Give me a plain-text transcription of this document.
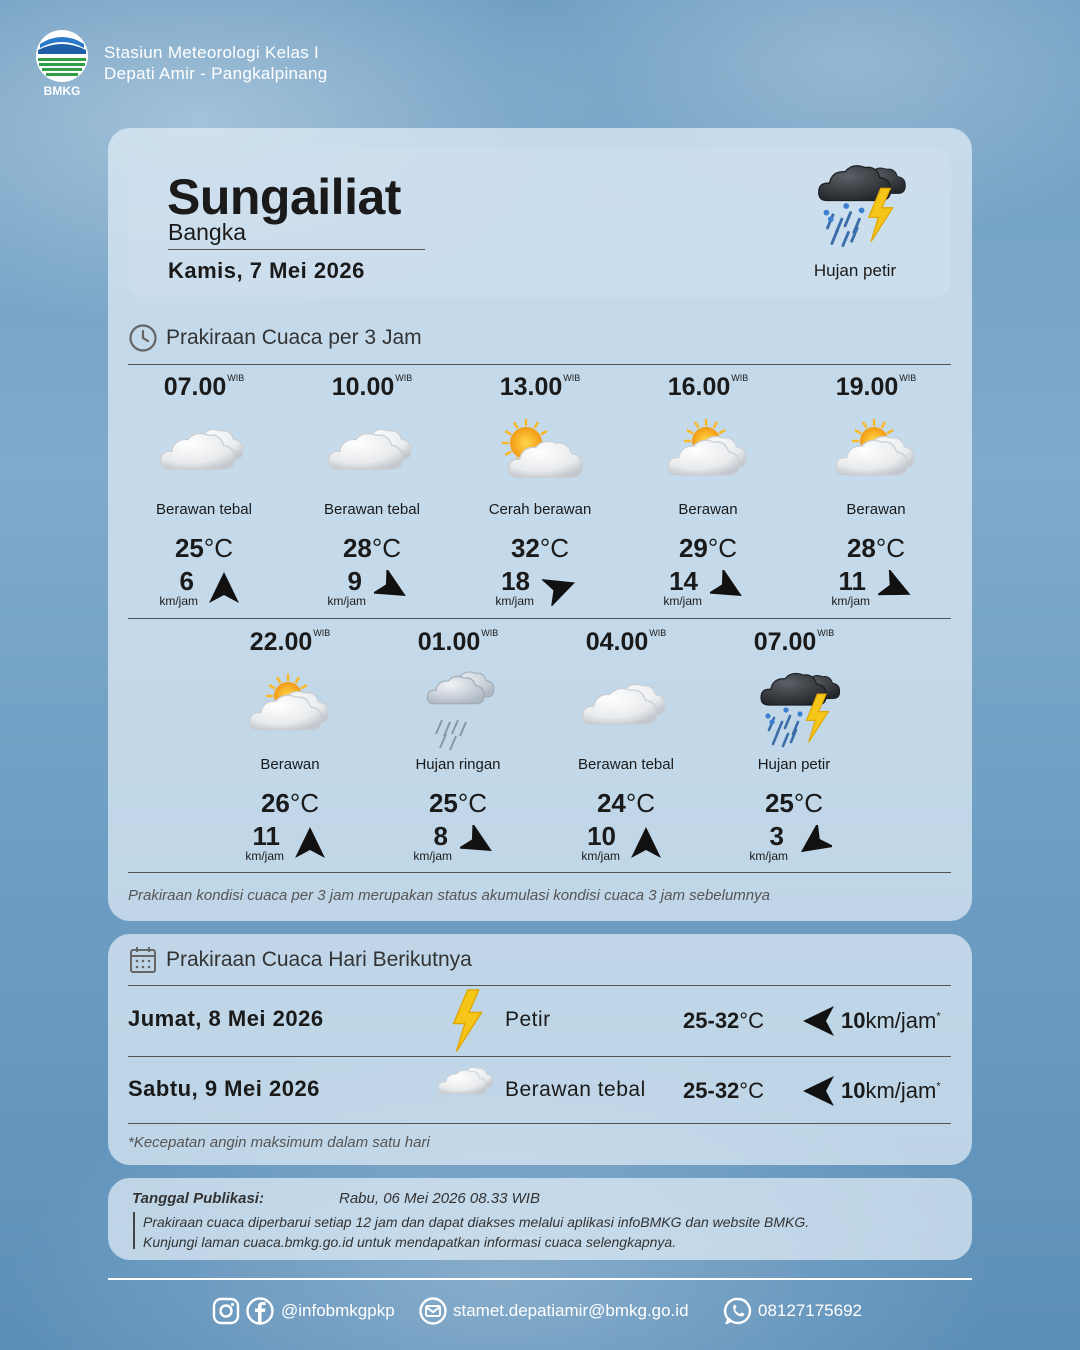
BMKG
Stasiun Meteorologi Kelas I
Depati Amir - Pangkalpinang
Sungailiat
Bangka
Kamis, 7 Mei 2026	Hujan petir
Prakiraan Cuaca per 3 Jam
$07.00^{WIB}$
Berawan tebal
25°C
6
km/jam
$10.00^{WIB}$
Berawan tebal
28°C
9
km/jam
$13.00^{WIB}$
Cerah berawan
32°C
18
km/jam
$16.00^{WIB}$
Berawan
29°C
14
km/jam
$19.00^{WIB}$
Berawan
28°C
11
km/jam
$22.00^{WIB}$
Berawan
26°C
11
km/jam
$01.00^{WIB}$
Hujan ringan
25°C
8
km/jam
$04.00^{WIB}$
Berawan tebal
24°C
10
km/jam
$07.00^{WIB}$
Hujan petir
25°C
3
km/jam
Prakiraan kondisi cuaca per 3 jam merupakan status akumulasi kondisi cuaca 3 jam sebelumnya
Prakiraan Cuaca Hari Berikutnya
Jumat, 8 Mei 2026	Petir	25-32°C	10km/jam*
Sabtu, 9 Mei 2026	Berawan tebal 25-32°C	10km/jam*
*Kecepatan angin maksimum dalam satu hari
Tanggal Publikasi:	Rabu, 06 Mei 2026 08.33 WIB
Prakiraan cuaca diperbarui setiap 12 jam dan dapat diakses melalui aplikasi infoBMKG dan website BMKG.
Kunjungi laman cuaca.bmkg.go.id untuk mendapatkan informasi cuaca selengkapnya.
@infobmkgpkp	stamet.depatiamir@bmkg.go.id	08127175692
